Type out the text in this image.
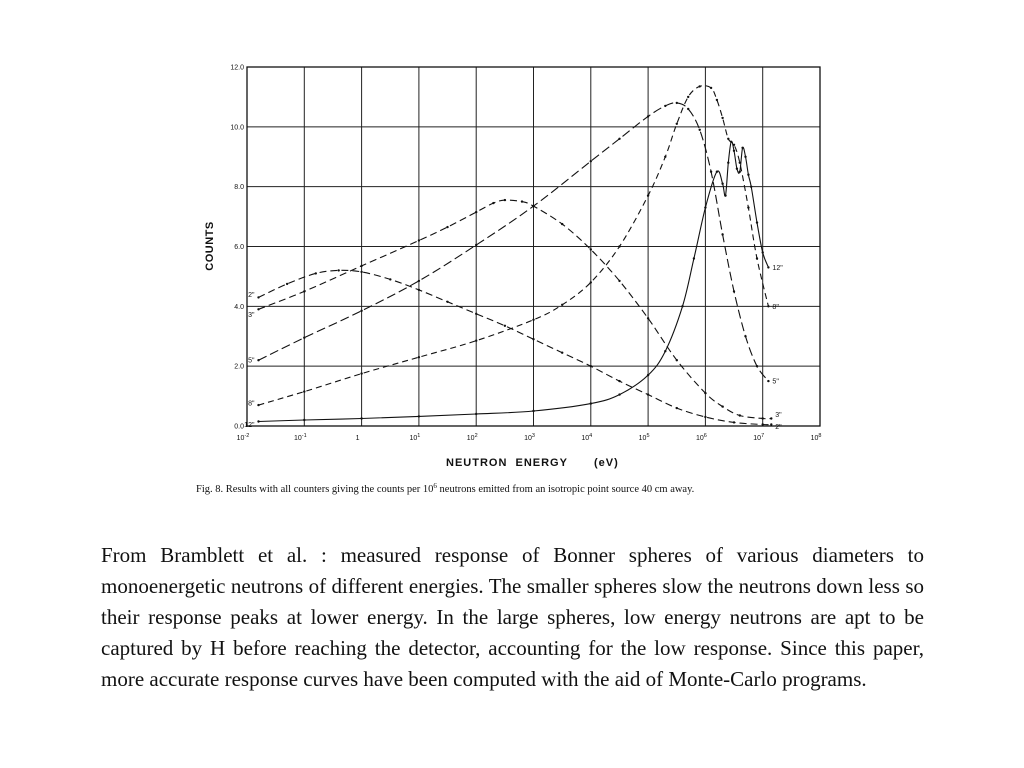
0.0
2.0
4.0
6.0
8.0
10.0
12.0
$10^{-2}$	$10^{-1}$	1	$10^1$	$10^2$	$10^3$	$10^4$	$10^5$	$10^6$	$10^7$	$10^8$
2"
2"
3"
3"
5"
5"
8"
8"
12"
12"
COUNTS
NEUTRON  ENERGY (eV)
Fig. 8. Results with all counters giving the counts per $10^6$ neutrons emitted from an isotropic point source 40 cm away.

From Bramblett et al. : measured response of Bonner spheres of various diameters to monoenergetic neutrons of different energies. The smaller spheres slow the neutrons down less so their response peaks at lower energy. In the large spheres, low energy neutrons are apt to be captured by H before reaching the detector, accounting for the low response. Since this paper, more accurate response curves have been computed with the aid of Monte-Carlo programs.
